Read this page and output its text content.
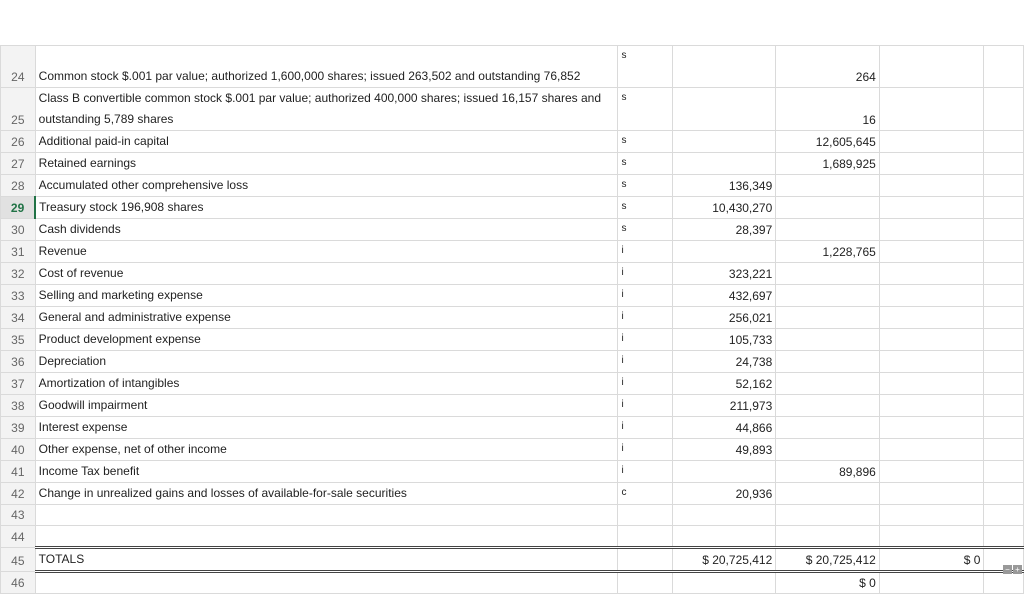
24	Common stock $.001 par value; authorized 1,600,000 shares; issued 263,502 and outstanding 76,852	s		264		
25	Class B convertible common stock $.001 par value; authorized 400,000 shares; issued 16,157 shares and outstanding 5,789 shares	s		16		
26	Additional paid-in capital	s		12,605,645		
27	Retained earnings	s		1,689,925		
28	Accumulated other comprehensive loss	s	136,349			
29	Treasury stock 196,908 shares	s	10,430,270			
30	Cash dividends	s	28,397			
31	Revenue	i		1,228,765		
32	Cost of revenue	i	323,221			
33	Selling and marketing expense	i	432,697			
34	General and administrative expense	i	256,021			
35	Product development expense	i	105,733			
36	Depreciation	i	24,738			
37	Amortization of intangibles	i	52,162			
38	Goodwill impairment	i	211,973			
39	Interest expense	i	44,866			
40	Other expense, net of other income	i	49,893			
41	Income Tax benefit	i		89,896		
42	Change in unrealized gains and losses of available-for-sale securities	c	20,936			
43						
44						
45	TOTALS		$ 20,725,412	$ 20,725,412	$ 0	
46				$ 0		
− +
